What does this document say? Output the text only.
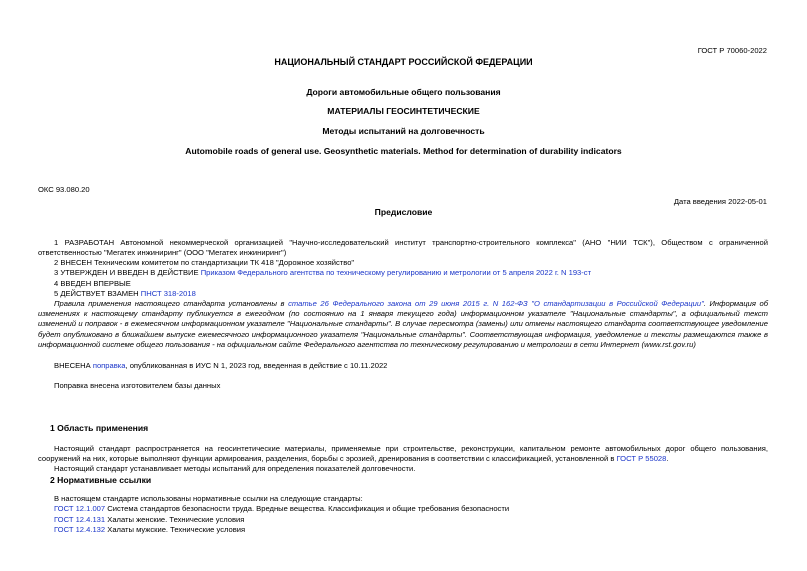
ГОСТ Р 70060-2022
НАЦИОНАЛЬНЫЙ СТАНДАРТ РОССИЙСКОЙ ФЕДЕРАЦИИ
Дороги автомобильные общего пользования
МАТЕРИАЛЫ ГЕОСИНТЕТИЧЕСКИЕ
Методы испытаний на долговечность
Automobile roads of general use. Geosynthetic materials. Method for determination of durability indicators
ОКС 93.080.20
Дата введения 2022-05-01
Предисловие
1 РАЗРАБОТАН Автономной некоммерческой организацией "Научно-исследовательский институт транспортно-строительного комплекса" (АНО "НИИ ТСК"), Обществом с ограниченной ответственностью "Мегатех инжиниринг" (ООО "Мегатех инжиниринг")
2 ВНЕСЕН Техническим комитетом по стандартизации ТК 418 "Дорожное хозяйство"
3 УТВЕРЖДЕН И ВВЕДЕН В ДЕЙСТВИЕ Приказом Федерального агентства по техническому регулированию и метрологии от 5 апреля 2022 г. N 193-ст
4 ВВЕДЕН ВПЕРВЫЕ
5 ДЕЙСТВУЕТ ВЗАМЕН ПНСТ 318-2018
Правила применения настоящего стандарта установлены в статье 26 Федерального закона от 29 июня 2015 г. N 162-ФЗ "О стандартизации в Российской Федерации". Информация об изменениях к настоящему стандарту публикуется в ежегодном (по состоянию на 1 января текущего года) информационном указателе "Национальные стандарты", а официальный текст изменений и поправок - в ежемесячном информационном указателе "Национальные стандарты". В случае пересмотра (замены) или отмены настоящего стандарта соответствующее уведомление будет опубликовано в ближайшем выпуске ежемесячного информационного указателя "Национальные стандарты". Соответствующая информация, уведомление и тексты размещаются также в информационной системе общего пользования - на официальном сайте Федерального агентства по техническому регулированию и метрологии в сети Интернет (www.rst.gov.ru)
ВНЕСЕНА поправка, опубликованная в ИУС N 1, 2023 год, введенная в действие с 10.11.2022
Поправка внесена изготовителем базы данных
1 Область применения
Настоящий стандарт распространяется на геосинтетические материалы, применяемые при строительстве, реконструкции, капитальном ремонте автомобильных дорог общего пользования, сооружений на них, которые выполняют функции армирования, разделения, борьбы с эрозией, дренирования в соответствии с классификацией, установленной в ГОСТ Р 55028.
Настоящий стандарт устанавливает методы испытаний для определения показателей долговечности.
2 Нормативные ссылки
В настоящем стандарте использованы нормативные ссылки на следующие стандарты:
ГОСТ 12.1.007 Система стандартов безопасности труда. Вредные вещества. Классификация и общие требования безопасности
ГОСТ 12.4.131 Халаты женские. Технические условия
ГОСТ 12.4.132 Халаты мужские. Технические условия
